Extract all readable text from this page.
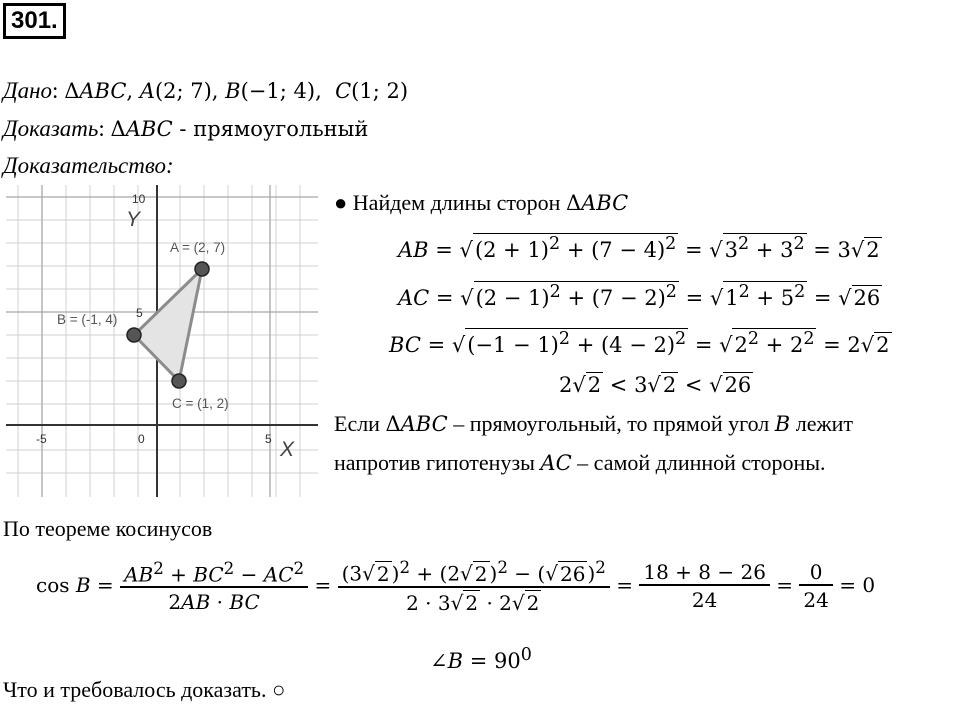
301.
Дано: ΔABC, A(2; 7), B(−1; 4),  C(1; 2)
Доказать: ΔABC - прямоугольный
Доказательство:
Y
X
10
5
-5	0	5
A = (2, 7)
B = (-1, 4)
C = (1, 2)
● Найдем длины сторон ΔABC
AB = $√(2 + 1)^2 + (7 - 4)^2 = √3^2 + 3^2 = 3√2$
AC = $√(2 - 1)^2 + (7 - 2)^2 = √1^2 + 5^2 = √26$
BC = $√(-1 - 1)^2 + (4 - 2)^2 = √2^2 + 2^2 = 2√2$
2√2 < 3√2 < √26
Если ΔABC – прямоугольный, то прямой угол B лежит
напротив гипотенузы AC – самой длинной стороны.
По теореме косинусов
$\cos B = \frac{AB^2 + BC^2 - AC^2}{2AB \cdot BC} = \frac{(3√ 2 )^2 + (2√ 2 )^2 - (√ 26 )^2}{2 \cdot 3√ 2 \cdot 2√ 2} = \frac{18 + 8 - 26}{24} = \frac{0}{24} = 0$
∠B = $90^0$
Что и требовалось доказать. ○
